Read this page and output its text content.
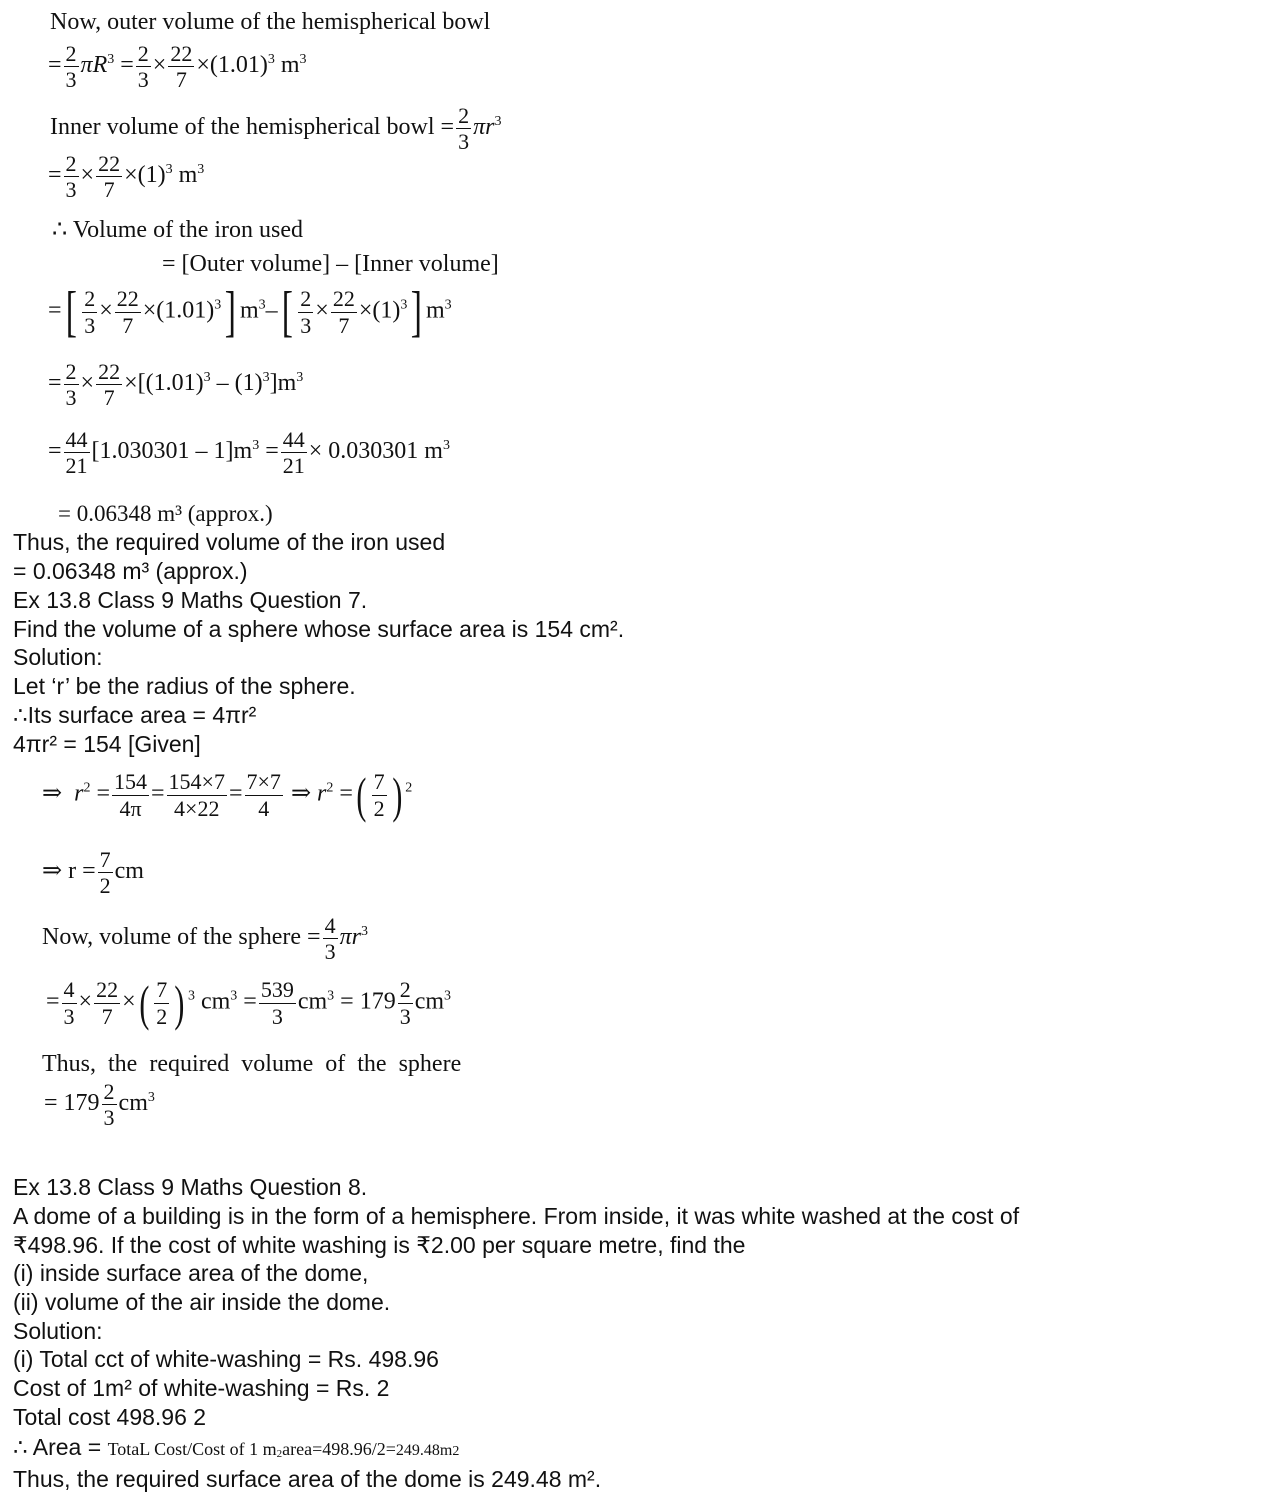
Now, outer volume of the hemispherical bowl
= $\frac{2}{3} \pi R^3 = \frac{2}{3} \times \frac{22}{7} \times(1.01)^3$ $m^3$
Inner volume of the hemispherical bowl = $\frac{2}{3} \pi r^3$
= $\frac{2}{3} \times \frac{22}{7} \times(1)^3$ $m^3$
∴ Volume of the iron used
= [Outer volume] – [Inner volume]
=[ $\frac{2}{3} \times \frac{22}{7} \times(1.01)^3$] $m^3-[ \frac{2}{3} \times \frac{22}{7} \times(1)^3]$ $m^3$
= $\frac{2}{3} \times \frac{22}{7} \times[(1.01)^3 - (1)^3]m^3$
= $\frac{44}{21} [1.030301 - 1]m^3 = \frac{44}{21} \times 0.030301$ $m^3$
= 0.06348 m³ (approx.)
Thus, the required volume of the iron used
= 0.06348 m³ (approx.)
Ex 13.8 Class 9 Maths Question 7.
Find the volume of a sphere whose surface area is 154 cm².
Solution:
Let ‘r’ be the radius of the sphere.
∴Its surface area = 4πr²
4πr² = 154 [Given]
⇒ $r^2 = \frac{154}{4\pi} = \frac{154\times 7}{4\times 22} = \frac{7\times 7}{4}$ ⇒ $r^2$ =( $\frac{7}{2}$ ) $^2$
⇒ $r = \frac{7}{2}$ cm
Now, volume of the sphere = $\frac{4}{3} \pi r^3$
= $\frac{4}{3} \times \frac{22}{7}$ ×( $\frac{7}{2}$ ) $^3$ $cm^3 = \frac{539}{3} cm^3 = 179 \frac{2}{3} cm^3$
Thus, the required volume of the sphere
= $179 \frac{2}{3} cm^3$
Ex 13.8 Class 9 Maths Question 8.
A dome of a building is in the form of a hemisphere. From inside, it was white washed at the cost of
₹498.96. If the cost of white washing is ₹2.00 per square metre, find the
(i) inside surface area of the dome,
(ii) volume of the air inside the dome.
Solution:
(i) Total cct of white-washing = Rs. 498.96
Cost of 1m² of white-washing = Rs. 2
Total cost 498.96 2
∴ Area = TotaL Cost/Cost of 1 m2area=498.96/2=249.48m2
Thus, the required surface area of the dome is 249.48 m².
